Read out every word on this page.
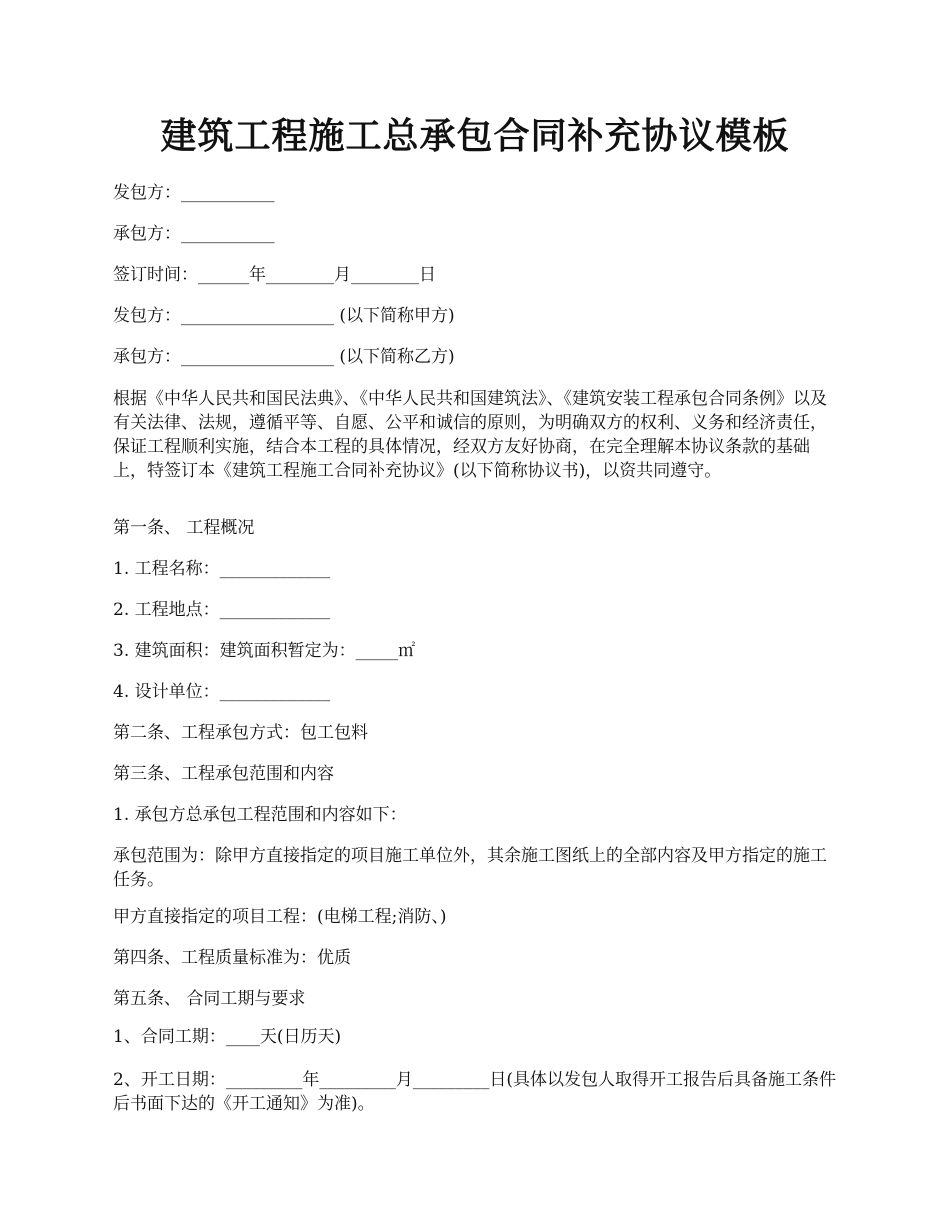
建筑工程施工总承包合同补充协议模板
发包方：___________
承包方：___________
签订时间：______年________月________日
发包方：__________________ (以下简称甲方)
承包方：__________________ (以下简称乙方)
根据《中华人民共和国民法典》、《中华人民共和国建筑法》、《建筑安装工程承包合同条例》以及 有关法律、法规，遵循平等、自愿、公平和诚信的原则，为明确双方的权利、义务和经济责任，保证工程顺利实施，结合本工程的具体情况，经双方友好协商，在完全理解本协议条款的基础上，特签订本《建筑工程施工合同补充协议》(以下简称协议书)，以资共同遵守。
第一条、 工程概况
1. 工程名称：_____________
2. 工程地点：_____________
3. 建筑面积：建筑面积暂定为：_____㎡
4. 设计单位：_____________
第二条、工程承包方式：包工包料
第三条、工程承包范围和内容
1. 承包方总承包工程范围和内容如下：
承包范围为：除甲方直接指定的项目施工单位外，其余施工图纸上的全部内容及甲方指定的施工任务。
甲方直接指定的项目工程：(电梯工程;消防、)
第四条、工程质量标准为：优质
第五条、 合同工期与要求
1、合同工期：____天(日历天)
2、开工日期：_________年_________月_________日(具体以发包人取得开工报告后具备施工条件后书面下达的《开工通知》为准)。
